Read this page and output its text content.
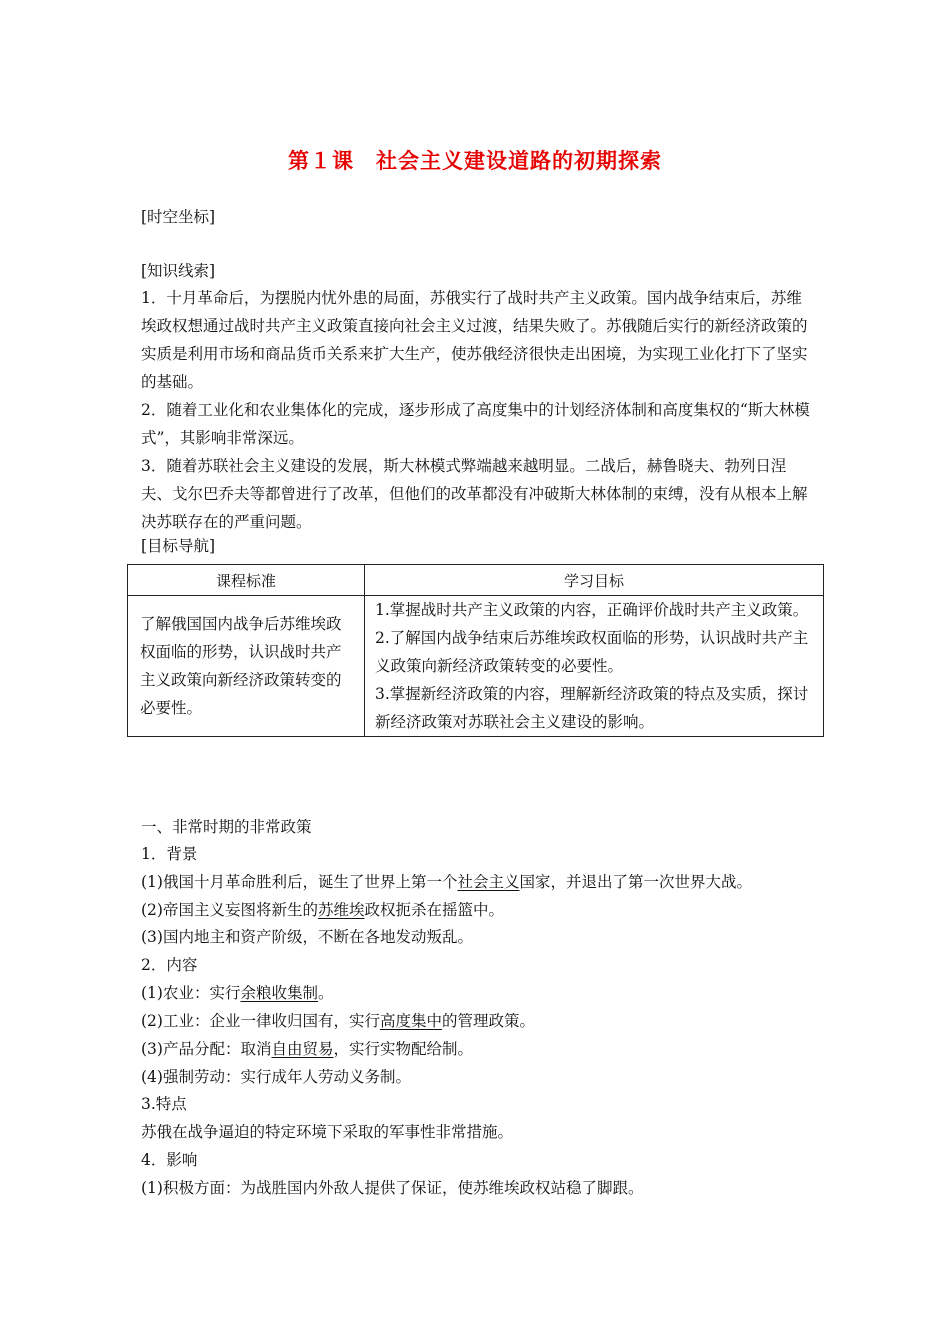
第１课　社会主义建设道路的初期探索
[时空坐标]
[知识线索]
1．十月革命后，为摆脱内忧外患的局面，苏俄实行了战时共产主义政策。国内战争结束后，苏维埃政权想通过战时共产主义政策直接向社会主义过渡，结果失败了。苏俄随后实行的新经济政策的实质是利用市场和商品货币关系来扩大生产，使苏俄经济很快走出困境，为实现工业化打下了坚实的基础。
2．随着工业化和农业集体化的完成，逐步形成了高度集中的计划经济体制和高度集权的“斯大林模式”，其影响非常深远。
3．随着苏联社会主义建设的发展，斯大林模式弊端越来越明显。二战后，赫鲁晓夫、勃列日涅夫、戈尔巴乔夫等都曾进行了改革，但他们的改革都没有冲破斯大林体制的束缚，没有从根本上解决苏联存在的严重问题。
[目标导航]
课程标准	学习目标
了解俄国国内战争后苏维埃政权面临的形势，认识战时共产主义政策向新经济政策转变的必要性。	1.掌握战时共产主义政策的内容，正确评价战时共产主义政策。
2.了解国内战争结束后苏维埃政权面临的形势，认识战时共产主义政策向新经济政策转变的必要性。
3.掌握新经济政策的内容，理解新经济政策的特点及实质，探讨新经济政策对苏联社会主义建设的影响。
一、非常时期的非常政策
1．背景
(1)俄国十月革命胜利后，诞生了世界上第一个社会主义国家，并退出了第一次世界大战。
(2)帝国主义妄图将新生的苏维埃政权扼杀在摇篮中。
(3)国内地主和资产阶级，不断在各地发动叛乱。
2．内容
(1)农业：实行余粮收集制。
(2)工业：企业一律收归国有，实行高度集中的管理政策。
(3)产品分配：取消自由贸易，实行实物配给制。
(4)强制劳动：实行成年人劳动义务制。
3.特点
苏俄在战争逼迫的特定环境下采取的军事性非常措施。
4．影响
(1)积极方面：为战胜国内外敌人提供了保证，使苏维埃政权站稳了脚跟。
